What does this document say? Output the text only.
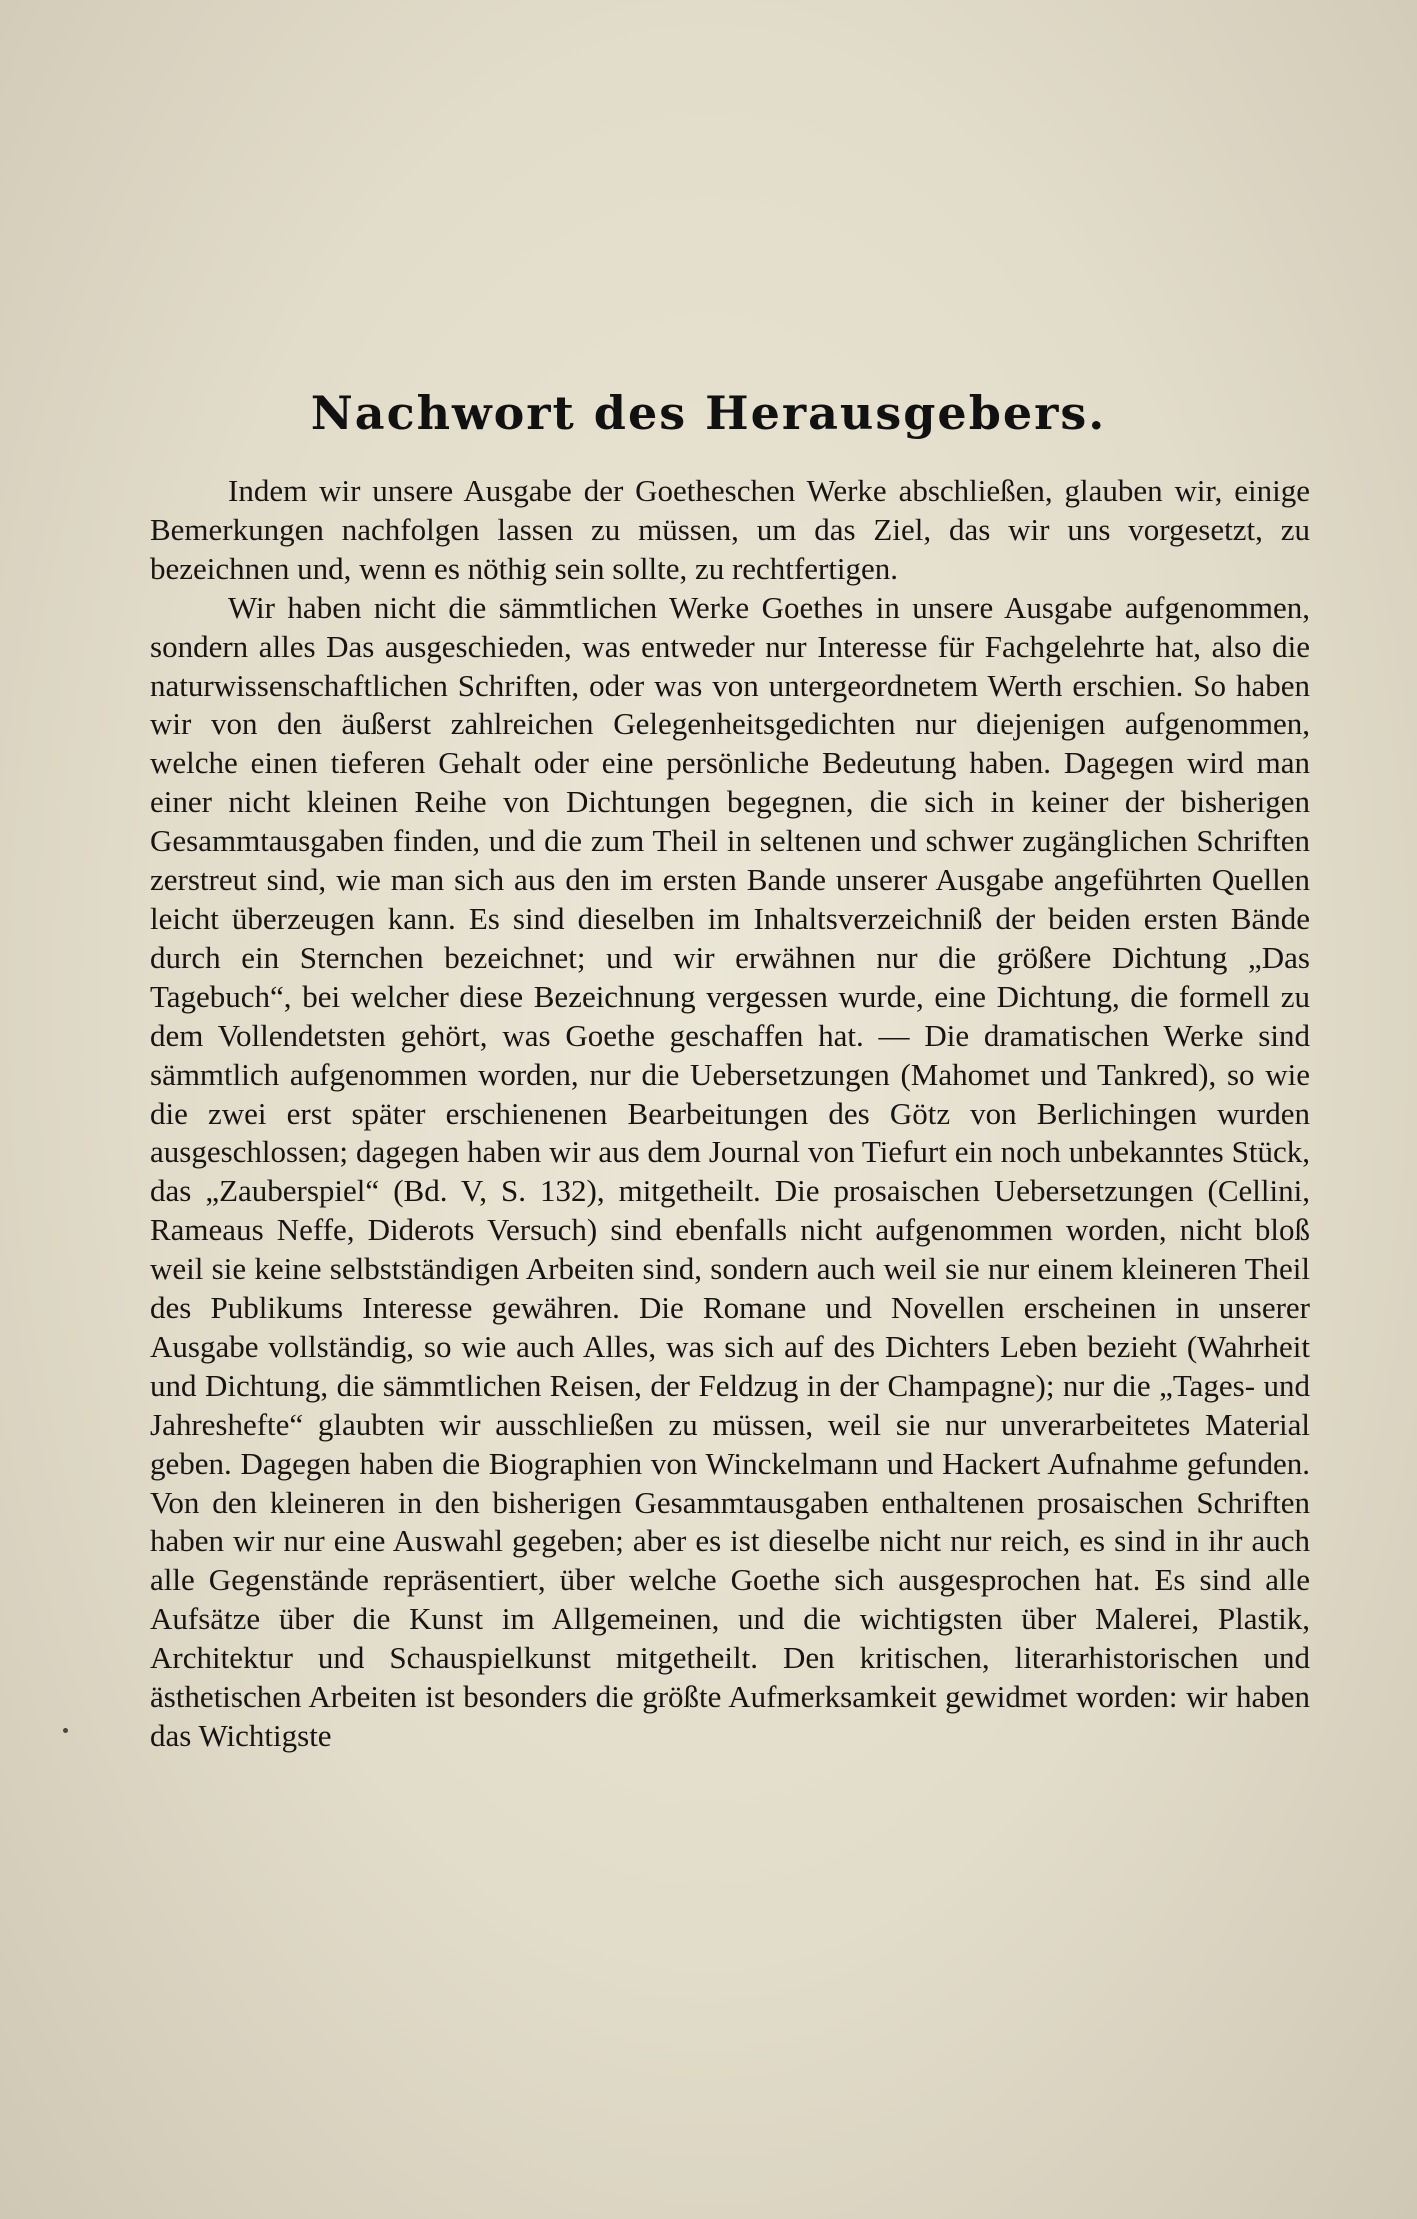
Nachwort des Herausgebers.

Indem wir unsere Ausgabe der Goetheschen Werke abschließen, glauben wir, einige Bemerkungen nachfolgen lassen zu müssen, um das Ziel, das wir uns vorgesetzt, zu bezeichnen und, wenn es nöthig sein sollte, zu rechtfertigen.

Wir haben nicht die sämmtlichen Werke Goethes in unsere Ausgabe aufgenommen, sondern alles Das ausgeschieden, was entweder nur Interesse für Fachgelehrte hat, also die naturwissenschaftlichen Schriften, oder was von untergeordnetem Werth erschien. So haben wir von den äußerst zahlreichen Gelegenheitsgedichten nur diejenigen aufgenommen, welche einen tieferen Gehalt oder eine persönliche Bedeutung haben. Dagegen wird man einer nicht kleinen Reihe von Dichtungen begegnen, die sich in keiner der bisherigen Gesammtausgaben finden, und die zum Theil in seltenen und schwer zugänglichen Schriften zerstreut sind, wie man sich aus den im ersten Bande unserer Ausgabe angeführten Quellen leicht überzeugen kann. Es sind dieselben im Inhaltsverzeichniß der beiden ersten Bände durch ein Sternchen bezeichnet; und wir erwähnen nur die größere Dichtung „Das Tagebuch“, bei welcher diese Bezeichnung vergessen wurde, eine Dichtung, die formell zu dem Vollendetsten gehört, was Goethe geschaffen hat. — Die dramatischen Werke sind sämmtlich aufgenommen worden, nur die Uebersetzungen (Mahomet und Tankred), so wie die zwei erst später erschienenen Bearbeitungen des Götz von Berlichingen wurden ausgeschlossen; dagegen haben wir aus dem Journal von Tiefurt ein noch unbekanntes Stück, das „Zauberspiel“ (Bd. V, S. 132), mitgetheilt. Die prosaischen Uebersetzungen (Cellini, Rameaus Neffe, Diderots Versuch) sind ebenfalls nicht aufgenommen worden, nicht bloß weil sie keine selbstständigen Arbeiten sind, sondern auch weil sie nur einem kleineren Theil des Publikums Interesse gewähren. Die Romane und Novellen erscheinen in unserer Ausgabe vollständig, so wie auch Alles, was sich auf des Dichters Leben bezieht (Wahrheit und Dichtung, die sämmtlichen Reisen, der Feldzug in der Champagne); nur die „Tages- und Jahreshefte“ glaubten wir ausschließen zu müssen, weil sie nur unverarbeitetes Material geben. Dagegen haben die Biographien von Winckelmann und Hackert Aufnahme gefunden. Von den kleineren in den bisherigen Gesammtausgaben enthaltenen prosaischen Schriften haben wir nur eine Auswahl gegeben; aber es ist dieselbe nicht nur reich, es sind in ihr auch alle Gegenstände repräsentiert, über welche Goethe sich ausgesprochen hat. Es sind alle Aufsätze über die Kunst im Allgemeinen, und die wichtigsten über Malerei, Plastik, Architektur und Schauspielkunst mitgetheilt. Den kritischen, literarhistorischen und ästhetischen Arbeiten ist besonders die größte Aufmerksamkeit gewidmet worden: wir haben das Wichtigste
